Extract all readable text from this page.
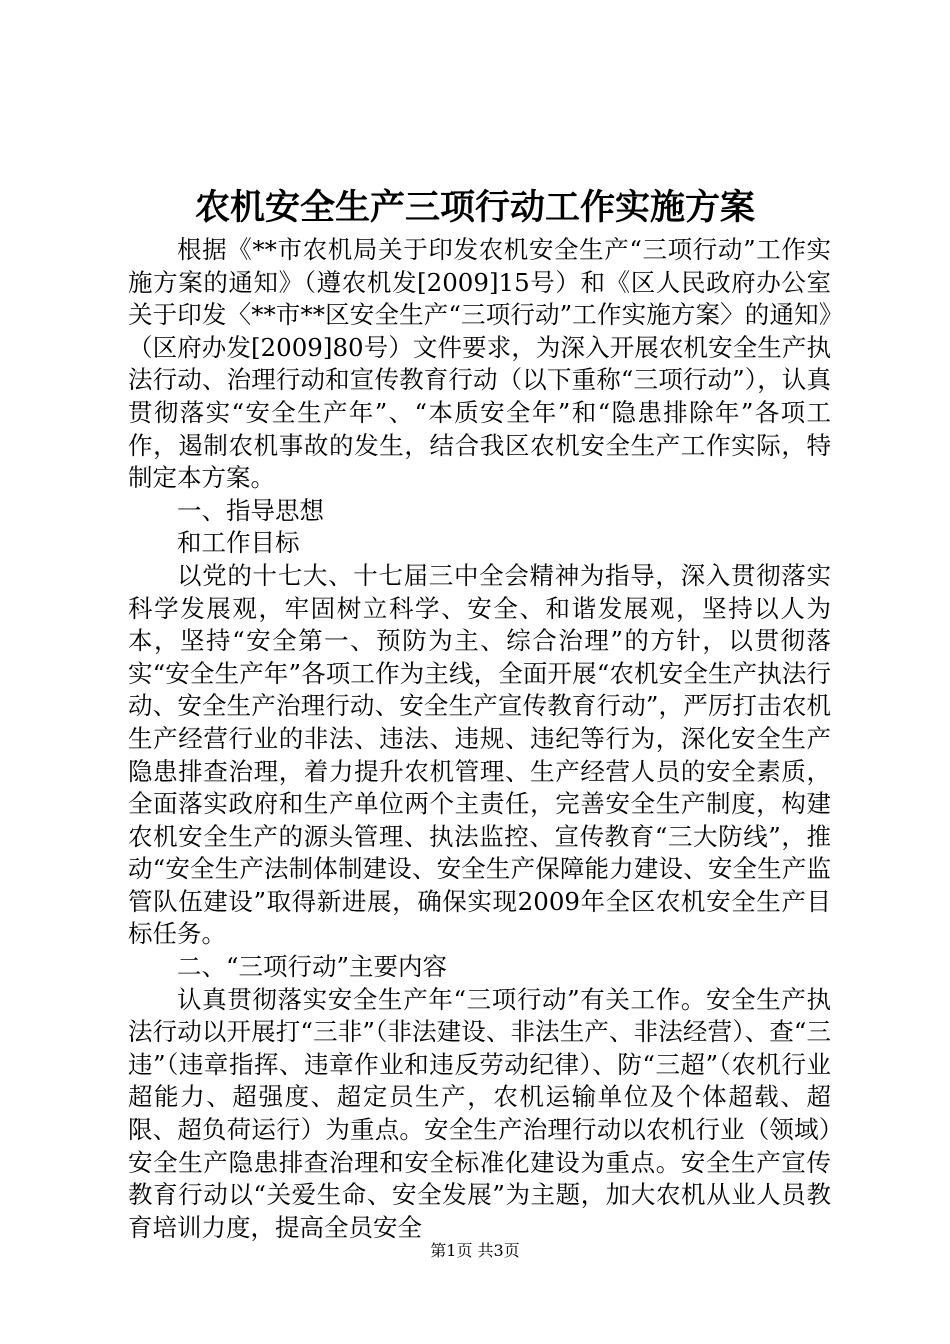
农机安全生产三项行动工作实施方案

根据《**市农机局关于印发农机安全生产“三项行动”工作实施方案的通知》（遵农机发[2009]15号）和《区人民政府办公室关于印发〈**市**区安全生产“三项行动”工作实施方案〉的通知》（区府办发[2009]80号）文件要求，为深入开展农机安全生产执法行动、治理行动和宣传教育行动（以下重称“三项行动”），认真贯彻落实“安全生产年”、“本质安全年”和“隐患排除年”各项工作，遏制农机事故的发生，结合我区农机安全生产工作实际，特制定本方案。

一、指导思想

和工作目标

以党的十七大、十七届三中全会精神为指导，深入贯彻落实科学发展观，牢固树立科学、安全、和谐发展观，坚持以人为本，坚持“安全第一、预防为主、综合治理”的方针，以贯彻落实“安全生产年”各项工作为主线，全面开展“农机安全生产执法行动、安全生产治理行动、安全生产宣传教育行动”，严厉打击农机生产经营行业的非法、违法、违规、违纪等行为，深化安全生产隐患排查治理，着力提升农机管理、生产经营人员的安全素质，全面落实政府和生产单位两个主责任，完善安全生产制度，构建农机安全生产的源头管理、执法监控、宣传教育“三大防线”，推动“安全生产法制体制建设、安全生产保障能力建设、安全生产监管队伍建设”取得新进展，确保实现2009年全区农机安全生产目标任务。

二、“三项行动”主要内容

认真贯彻落实安全生产年“三项行动”有关工作。安全生产执法行动以开展打“三非”（非法建设、非法生产、非法经营）、查“三违”（违章指挥、违章作业和违反劳动纪律）、防“三超”（农机行业超能力、超强度、超定员生产，农机运输单位及个体超载、超限、超负荷运行）为重点。安全生产治理行动以农机行业（领域）安全生产隐患排查治理和安全标准化建设为重点。安全生产宣传教育行动以“关爱生命、安全发展”为主题，加大农机从业人员教育培训力度，提高全员安全

第1页 共3页
